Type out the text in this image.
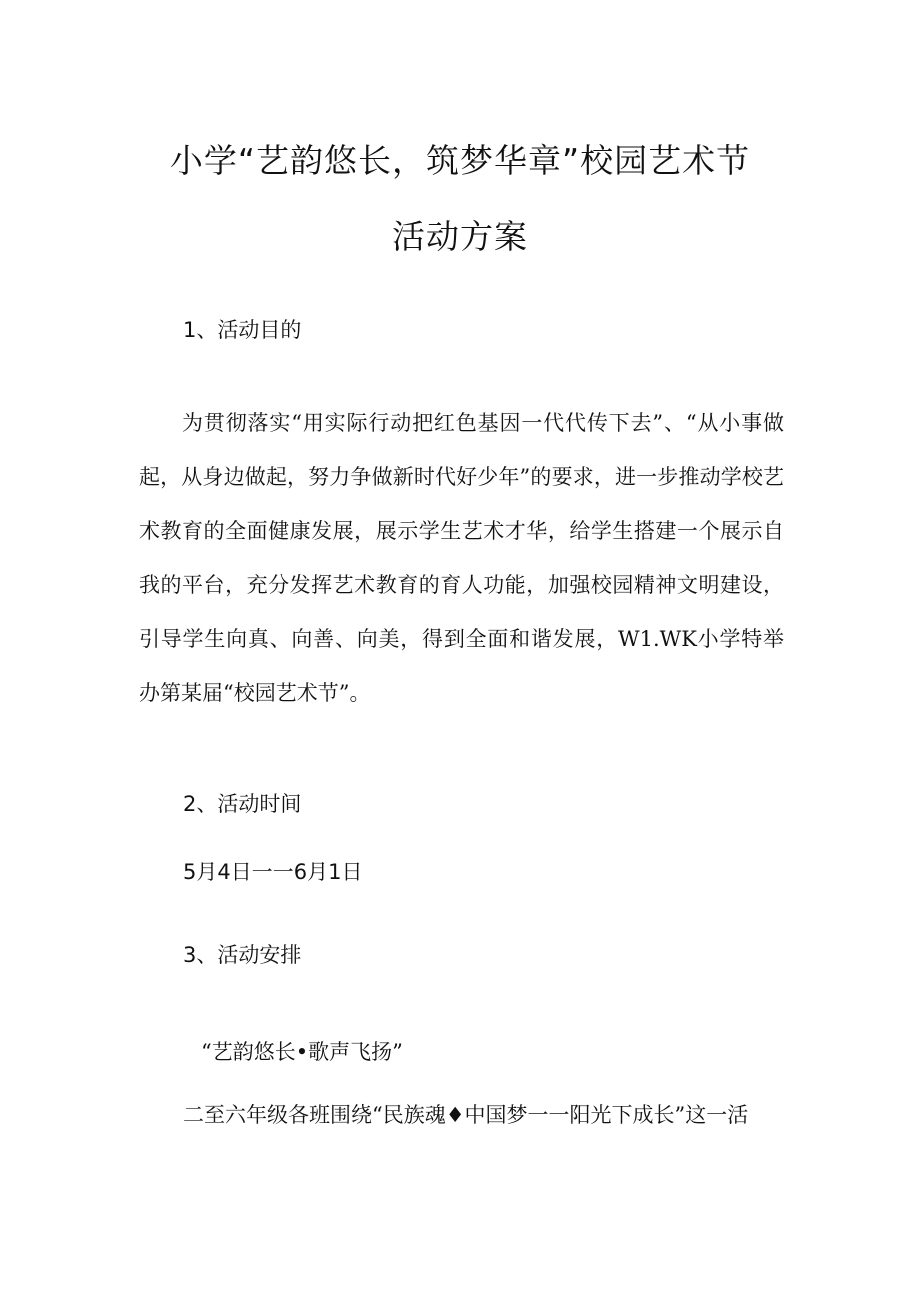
小学“艺韵悠长，筑梦华章”校园艺术节
活动方案
1、活动目的

为贯彻落实“用实际行动把红色基因一代代传下去”、“从小事做起，从身边做起，努力争做新时代好少年”的要求，进一步推动学校艺术教育的全面健康发展，展示学生艺术才华，给学生搭建一个展示自我的平台，充分发挥艺术教育的育人功能，加强校园精神文明建设，引导学生向真、向善、向美，得到全面和谐发展，W1.WK小学特举办第某届“校园艺术节”。

2、活动时间

5月4日一一6月1日

3、活动安排

“艺韵悠长•歌声飞扬”

二至六年级各班围绕“民族魂♦中国梦一一阳光下成长”这一活
